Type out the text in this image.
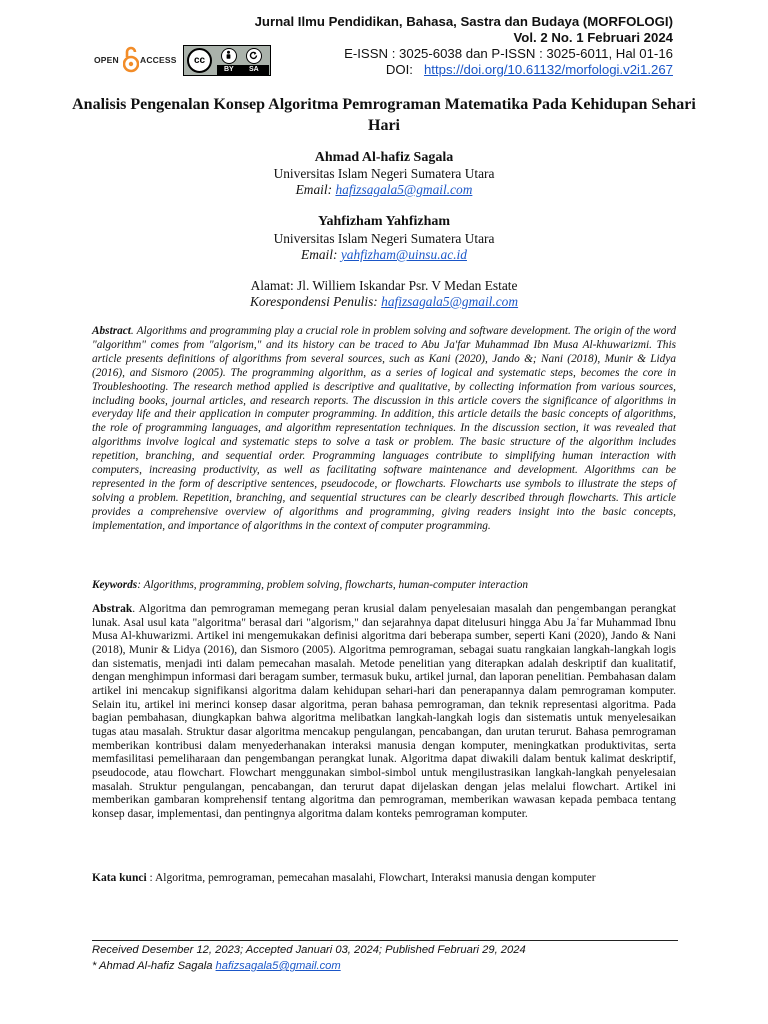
OPEN ACCESS	cc
BY SA
Jurnal Ilmu Pendidikan, Bahasa, Sastra dan Budaya (MORFOLOGI)
Vol. 2 No. 1 Februari 2024
E-ISSN : 3025-6038 dan P-ISSN : 3025-6011, Hal 01-16
DOI: https://doi.org/10.61132/morfologi.v2i1.267
Analisis Pengenalan Konsep Algoritma Pemrograman Matematika Pada Kehidupan Sehari Hari
Ahmad Al-hafiz Sagala
Universitas Islam Negeri Sumatera Utara
Email: hafizsagala5@gmail.com
Yahfizham Yahfizham
Universitas Islam Negeri Sumatera Utara
Email: yahfizham@uinsu.ac.id
Alamat: Jl. Williem Iskandar Psr. V Medan Estate
Korespondensi Penulis: hafizsagala5@gmail.com
Abstract. Algorithms and programming play a crucial role in problem solving and software development. The origin of the word "algorithm" comes from "algorism," and its history can be traced to Abu Ja'far Muhammad Ibn Musa Al-khuwarizmi. This article presents definitions of algorithms from several sources, such as Kani (2020), Jando &; Nani (2018), Munir & Lidya (2016), and Sismoro (2005). The programming algorithm, as a series of logical and systematic steps, becomes the core in Troubleshooting. The research method applied is descriptive and qualitative, by collecting information from various sources, including books, journal articles, and research reports. The discussion in this article covers the significance of algorithms in everyday life and their application in computer programming. In addition, this article details the basic concepts of algorithms, the role of programming languages, and algorithm representation techniques. In the discussion section, it was revealed that algorithms involve logical and systematic steps to solve a task or problem. The basic structure of the algorithm includes repetition, branching, and sequential order. Programming languages contribute to simplifying human interaction with computers, increasing productivity, as well as facilitating software maintenance and development. Algorithms can be represented in the form of descriptive sentences, pseudocode, or flowcharts. Flowcharts use symbols to illustrate the steps of solving a problem. Repetition, branching, and sequential structures can be clearly described through flowcharts. This article provides a comprehensive overview of algorithms and programming, giving readers insight into the basic concepts, implementation, and importance of algorithms in the context of computer programming.
Keywords: Algorithms, programming, problem solving, flowcharts, human-computer interaction
Abstrak. Algoritma dan pemrograman memegang peran krusial dalam penyelesaian masalah dan pengembangan perangkat lunak. Asal usul kata "algoritma" berasal dari "algorism," dan sejarahnya dapat ditelusuri hingga Abu Jaʿfar Muhammad Ibnu Musa Al-khuwarizmi. Artikel ini mengemukakan definisi algoritma dari beberapa sumber, seperti Kani (2020), Jando & Nani (2018), Munir & Lidya (2016), dan Sismoro (2005). Algoritma pemrograman, sebagai suatu rangkaian langkah-langkah logis dan sistematis, menjadi inti dalam pemecahan masalah. Metode penelitian yang diterapkan adalah deskriptif dan kualitatif, dengan menghimpun informasi dari beragam sumber, termasuk buku, artikel jurnal, dan laporan penelitian. Pembahasan dalam artikel ini mencakup signifikansi algoritma dalam kehidupan sehari-hari dan penerapannya dalam pemrograman komputer. Selain itu, artikel ini merinci konsep dasar algoritma, peran bahasa pemrograman, dan teknik representasi algoritma. Pada bagian pembahasan, diungkapkan bahwa algoritma melibatkan langkah-langkah logis dan sistematis untuk menyelesaikan tugas atau masalah. Struktur dasar algoritma mencakup pengulangan, pencabangan, dan urutan terurut. Bahasa pemrograman memberikan kontribusi dalam menyederhanakan interaksi manusia dengan komputer, meningkatkan produktivitas, serta memfasilitasi pemeliharaan dan pengembangan perangkat lunak. Algoritma dapat diwakili dalam bentuk kalimat deskriptif, pseudocode, atau flowchart. Flowchart menggunakan simbol-simbol untuk mengilustrasikan langkah-langkah penyelesaian masalah. Struktur pengulangan, pencabangan, dan terurut dapat dijelaskan dengan jelas melalui flowchart. Artikel ini memberikan gambaran komprehensif tentang algoritma dan pemrograman, memberikan wawasan kepada pembaca tentang konsep dasar, implementasi, dan pentingnya algoritma dalam konteks pemrograman komputer.
Kata kunci : Algoritma, pemrograman, pemecahan masalahi, Flowchart, Interaksi manusia dengan komputer
Received Desember 12, 2023; Accepted Januari 03, 2024; Published Februari 29, 2024
* Ahmad Al-hafiz Sagala hafizsagala5@gmail.com
